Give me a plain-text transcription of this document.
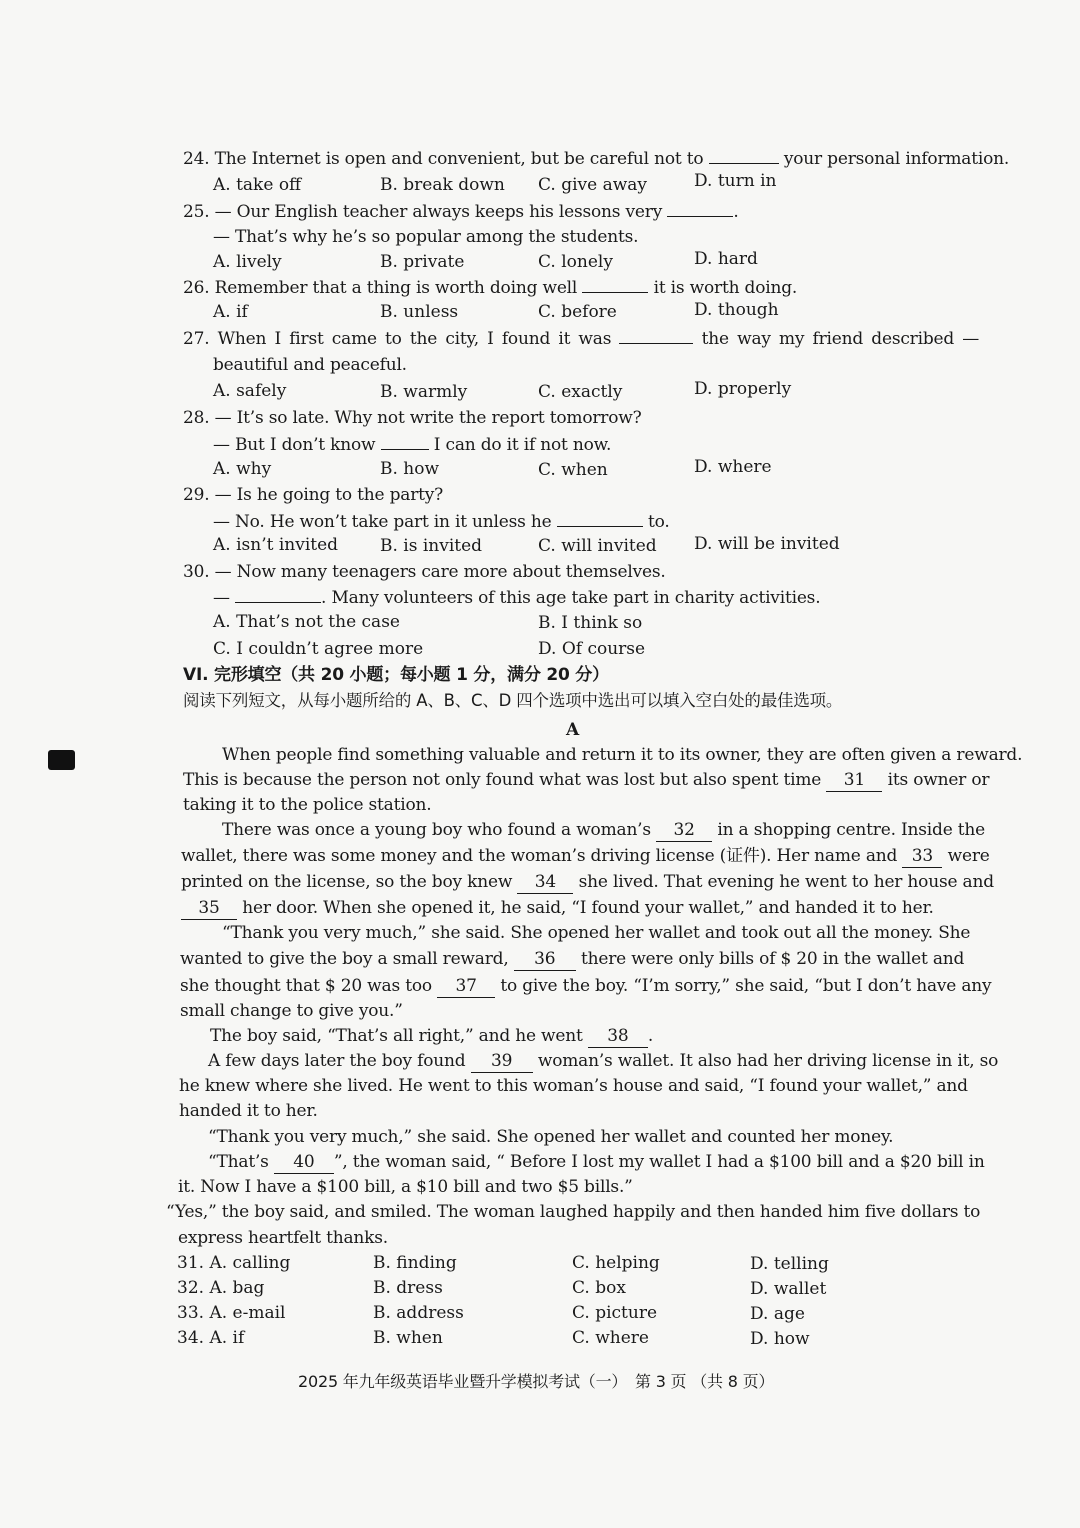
24. The Internet is open and convenient, but be careful not to	your personal information.
A. take off	B. break down C. give away	D. turn in
25. — Our English teacher always keeps his lessons very	.
— That’s why he’s so popular among the students.
A. lively	B. private	C. lonely	D. hard
26. Remember that a thing is worth doing well	it is worth doing.
A. if	B. unless	C. before	D. though
27. When I first came to the city, I found it was	the way my friend described —
beautiful and peaceful.
A. safely	B. warmly	C. exactly	D. properly
28. — It’s so late. Why not write the report tomorrow?
— But I don’t know	I can do it if not now.
A. why	B. how	C. when	D. where
29. — Is he going to the party?
— No. He won’t take part in it unless he	to.
A. isn’t invited B. is invited	C. will invited D. will be invited
30. — Now many teenagers care more about themselves.
—	. Many volunteers of this age take part in charity activities.
A. That’s not the case	B. I think so
C. I couldn’t agree more	D. Of course
VI. 完形填空（共 20 小题；每小题 1 分，满分 20 分）
阅读下列短文，从每小题所给的 A、B、C、D 四个选项中选出可以填入空白处的最佳选项。
A
When people find something valuable and return it to its owner, they are often given a reward.
This is because the person not only found what was lost but also spent time 31 its owner or
taking it to the police station.
There was once a young boy who found a woman’s 32 in a shopping centre. Inside the
wallet, there was some money and the woman’s driving license (证件). Her name and 33 were
printed on the license, so the boy knew 34 she lived. That evening he went to her house and
35 her door. When she opened it, he said, “I found your wallet,” and handed it to her.
“Thank you very much,” she said. She opened her wallet and took out all the money. She
wanted to give the boy a small reward, 36 there were only bills of $ 20 in the wallet and
she thought that $ 20 was too 37 to give the boy. “I’m sorry,” she said, “but I don’t have any
small change to give you.”
The boy said, “That’s all right,” and he went 38 .
A few days later the boy found 39 woman’s wallet. It also had her driving license in it, so
he knew where she lived. He went to this woman’s house and said, “I found your wallet,” and
handed it to her.
“Thank you very much,” she said. She opened her wallet and counted her money.
“That’s 40 ”, the woman said, “ Before I lost my wallet I had a $100 bill and a $20 bill in
it. Now I have a $100 bill, a $10 bill and two $5 bills.”
“Yes,” the boy said, and smiled. The woman laughed happily and then handed him five dollars to
express heartfelt thanks.
31. A. calling	B. finding	C. helping	D. telling
32. A. bag	B. dress	C. box	D. wallet
33. A. e-mail	B. address	C. picture	D. age
34. A. if	B. when	C. where	D. how
2025 年九年级英语毕业暨升学模拟考试（一）　第 3 页 （共 8 页）
